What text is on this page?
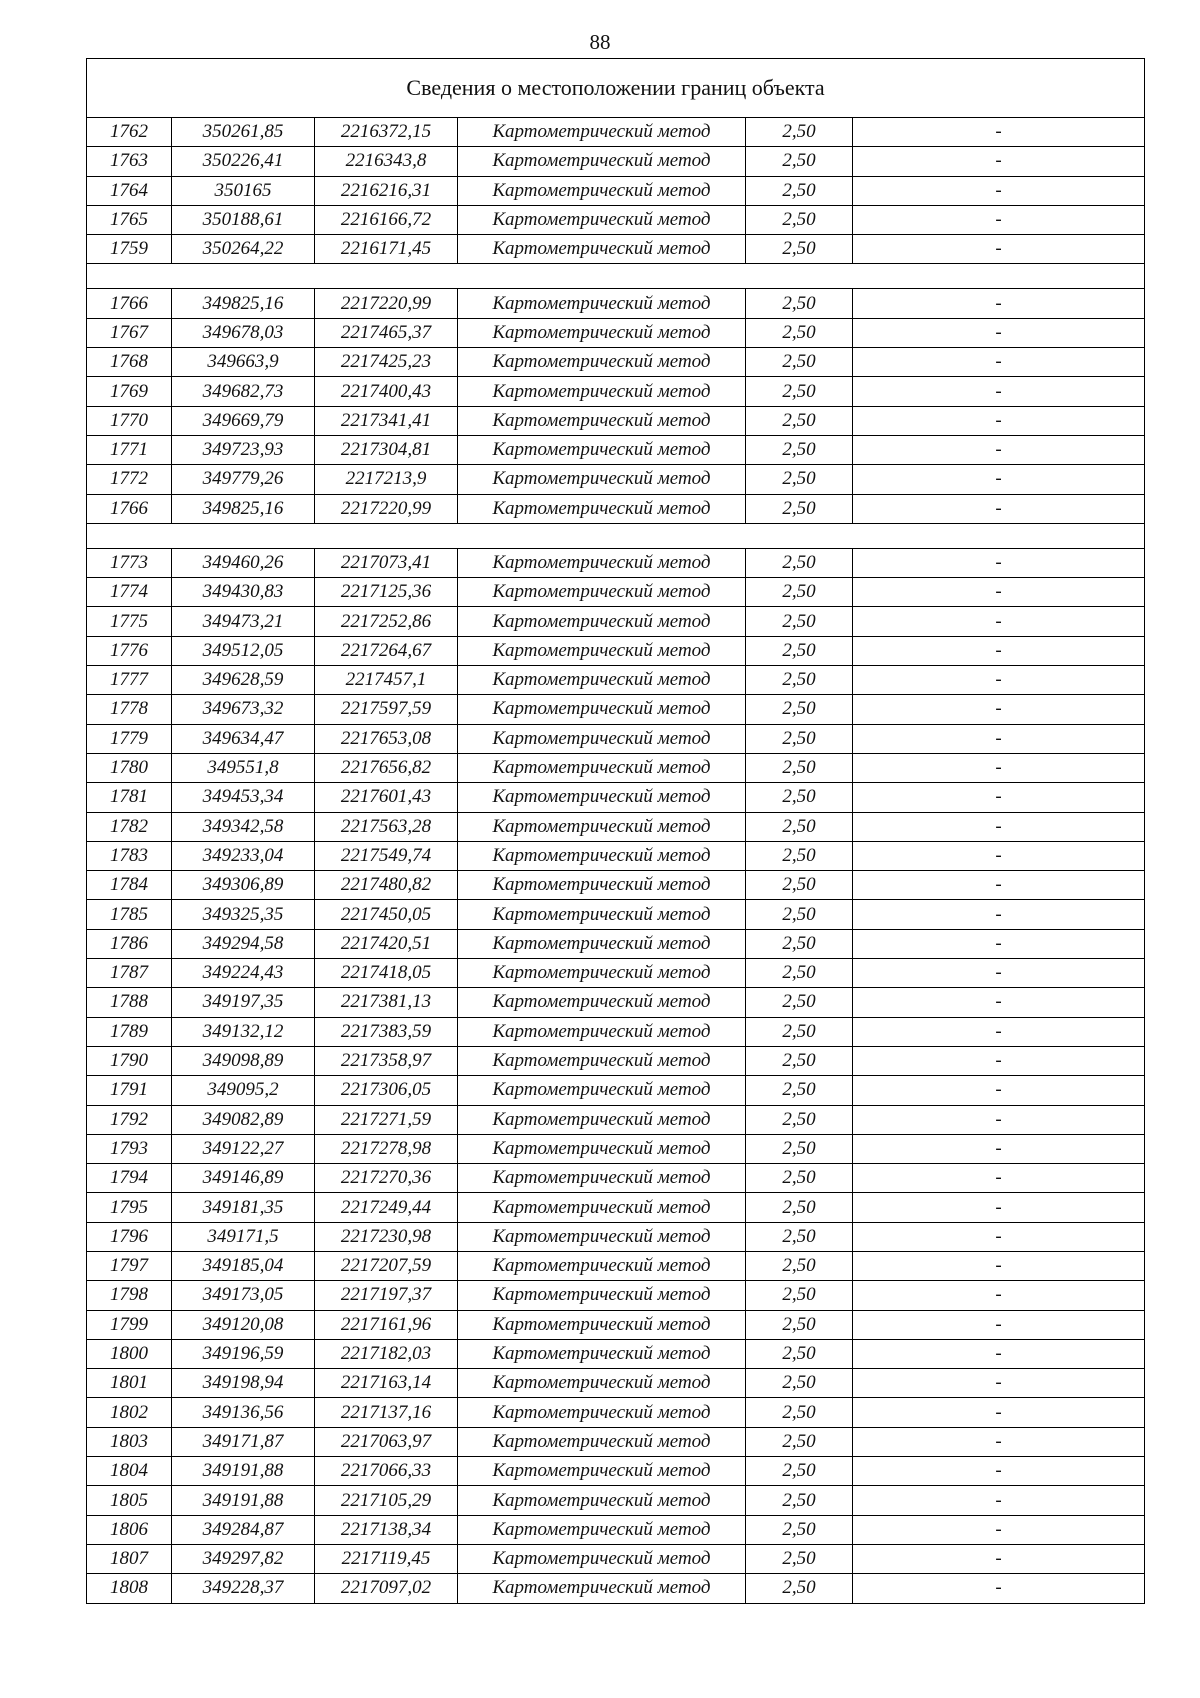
88
Сведения о местоположении границ объекта					
1762	350261,85	2216372,15	Картометрический метод	2,50	-
1763	350226,41	2216343,8	Картометрический метод	2,50	-
1764	350165	2216216,31	Картометрический метод	2,50	-
1765	350188,61	2216166,72	Картометрический метод	2,50	-
1759	350264,22	2216171,45	Картометрический метод	2,50	-

1766	349825,16	2217220,99	Картометрический метод	2,50	-
1767	349678,03	2217465,37	Картометрический метод	2,50	-
1768	349663,9	2217425,23	Картометрический метод	2,50	-
1769	349682,73	2217400,43	Картометрический метод	2,50	-
1770	349669,79	2217341,41	Картометрический метод	2,50	-
1771	349723,93	2217304,81	Картометрический метод	2,50	-
1772	349779,26	2217213,9	Картометрический метод	2,50	-
1766	349825,16	2217220,99	Картометрический метод	2,50	-

1773	349460,26	2217073,41	Картометрический метод	2,50	-
1774	349430,83	2217125,36	Картометрический метод	2,50	-
1775	349473,21	2217252,86	Картометрический метод	2,50	-
1776	349512,05	2217264,67	Картометрический метод	2,50	-
1777	349628,59	2217457,1	Картометрический метод	2,50	-
1778	349673,32	2217597,59	Картометрический метод	2,50	-
1779	349634,47	2217653,08	Картометрический метод	2,50	-
1780	349551,8	2217656,82	Картометрический метод	2,50	-
1781	349453,34	2217601,43	Картометрический метод	2,50	-
1782	349342,58	2217563,28	Картометрический метод	2,50	-
1783	349233,04	2217549,74	Картометрический метод	2,50	-
1784	349306,89	2217480,82	Картометрический метод	2,50	-
1785	349325,35	2217450,05	Картометрический метод	2,50	-
1786	349294,58	2217420,51	Картометрический метод	2,50	-
1787	349224,43	2217418,05	Картометрический метод	2,50	-
1788	349197,35	2217381,13	Картометрический метод	2,50	-
1789	349132,12	2217383,59	Картометрический метод	2,50	-
1790	349098,89	2217358,97	Картометрический метод	2,50	-
1791	349095,2	2217306,05	Картометрический метод	2,50	-
1792	349082,89	2217271,59	Картометрический метод	2,50	-
1793	349122,27	2217278,98	Картометрический метод	2,50	-
1794	349146,89	2217270,36	Картометрический метод	2,50	-
1795	349181,35	2217249,44	Картометрический метод	2,50	-
1796	349171,5	2217230,98	Картометрический метод	2,50	-
1797	349185,04	2217207,59	Картометрический метод	2,50	-
1798	349173,05	2217197,37	Картометрический метод	2,50	-
1799	349120,08	2217161,96	Картометрический метод	2,50	-
1800	349196,59	2217182,03	Картометрический метод	2,50	-
1801	349198,94	2217163,14	Картометрический метод	2,50	-
1802	349136,56	2217137,16	Картометрический метод	2,50	-
1803	349171,87	2217063,97	Картометрический метод	2,50	-
1804	349191,88	2217066,33	Картометрический метод	2,50	-
1805	349191,88	2217105,29	Картометрический метод	2,50	-
1806	349284,87	2217138,34	Картометрический метод	2,50	-
1807	349297,82	2217119,45	Картометрический метод	2,50	-
1808	349228,37	2217097,02	Картометрический метод	2,50	-
